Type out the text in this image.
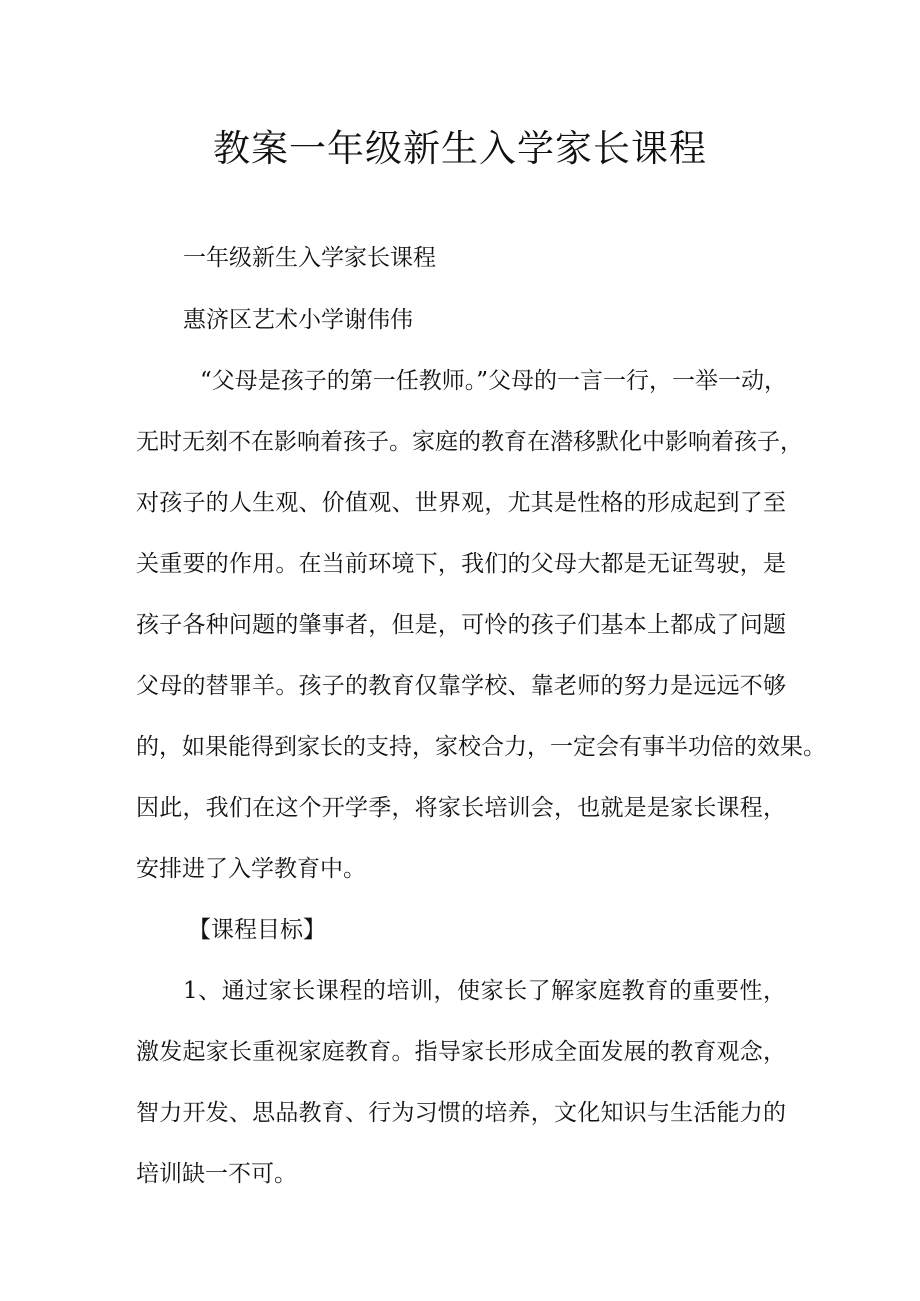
教案一年级新生入学家长课程

一年级新生入学家长课程

惠济区艺术小学谢伟伟

“父母是孩子的第一任教师。”父母的一言一行，一举一动，

无时无刻不在影响着孩子。家庭的教育在潜移默化中影响着孩子，

对孩子的人生观、价值观、世界观，尤其是性格的形成起到了至

关重要的作用。在当前环境下，我们的父母大都是无证驾驶，是

孩子各种问题的肇事者，但是，可怜的孩子们基本上都成了问题

父母的替罪羊。孩子的教育仅靠学校、靠老师的努力是远远不够

的，如果能得到家长的支持，家校合力，一定会有事半功倍的效果。

因此，我们在这个开学季，将家长培训会，也就是是家长课程，

安排进了入学教育中。

【课程目标】

1、通过家长课程的培训，使家长了解家庭教育的重要性，

激发起家长重视家庭教育。指导家长形成全面发展的教育观念，

智力开发、思品教育、行为习惯的培养，文化知识与生活能力的

培训缺一不可。
